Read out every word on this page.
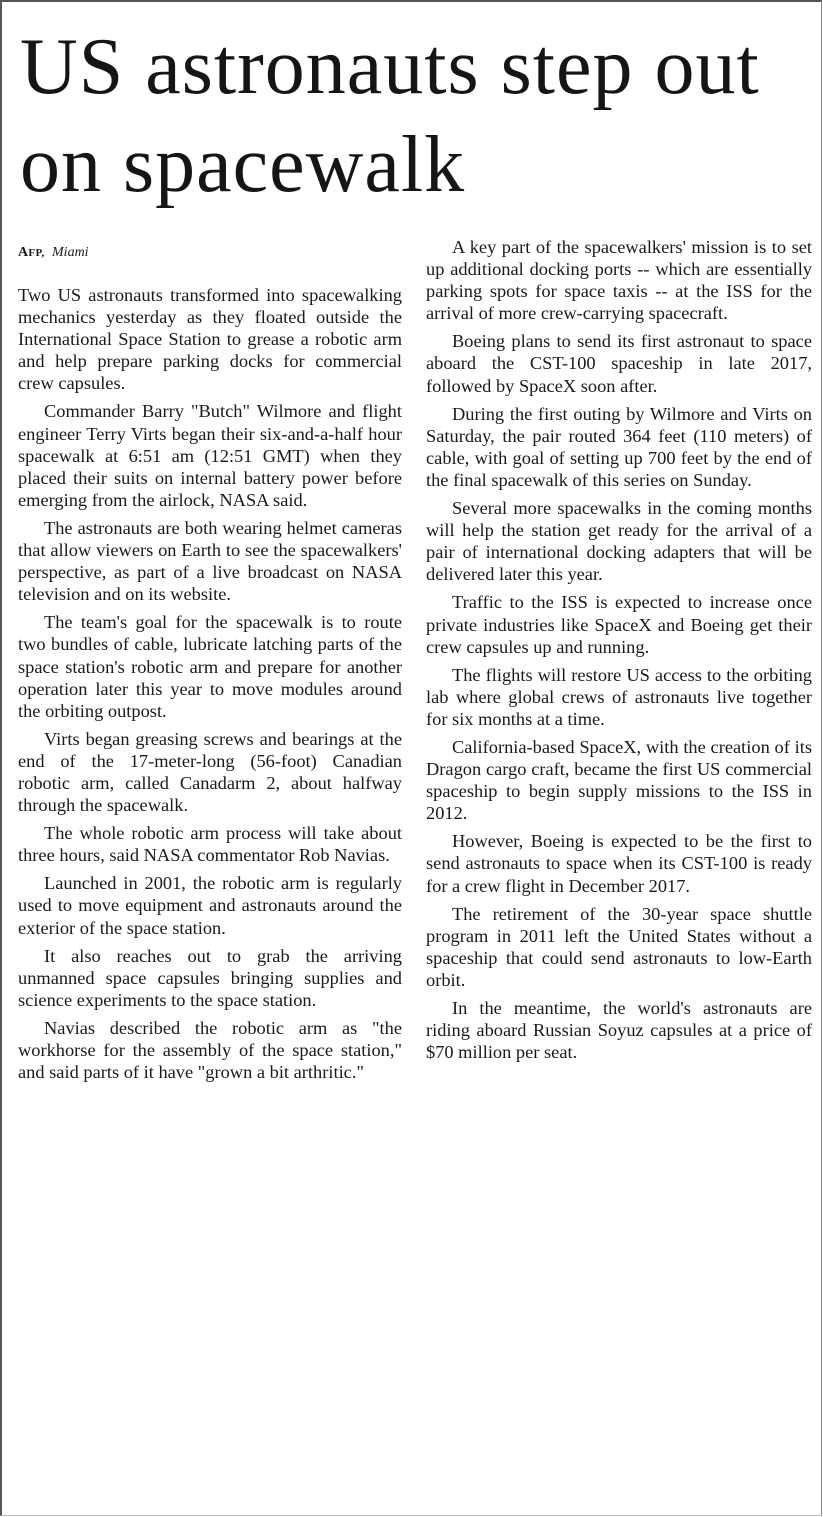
US astronauts step out on spacewalk
AFP, Miami

Two US astronauts transformed into spacewalking mechanics yesterday as they floated outside the International Space Station to grease a robotic arm and help prepare parking docks for commercial crew capsules.

Commander Barry "Butch" Wilmore and flight engineer Terry Virts began their six-and-a-half hour spacewalk at 6:51 am (12:51 GMT) when they placed their suits on internal battery power before emerging from the airlock, NASA said.

The astronauts are both wearing helmet cameras that allow viewers on Earth to see the spacewalkers' perspective, as part of a live broadcast on NASA television and on its website.

The team's goal for the spacewalk is to route two bundles of cable, lubricate latching parts of the space station's robotic arm and prepare for another operation later this year to move modules around the orbiting outpost.

Virts began greasing screws and bearings at the end of the 17-meter-long (56-foot) Canadian robotic arm, called Canadarm 2, about halfway through the spacewalk.

The whole robotic arm process will take about three hours, said NASA commentator Rob Navias.

Launched in 2001, the robotic arm is regularly used to move equipment and astronauts around the exterior of the space station.

It also reaches out to grab the arriving unmanned space capsules bringing supplies and science experiments to the space station.

Navias described the robotic arm as "the workhorse for the assembly of the space station," and said parts of it have "grown a bit arthritic."

A key part of the spacewalkers' mission is to set up additional docking ports -- which are essentially parking spots for space taxis -- at the ISS for the arrival of more crew-carrying spacecraft.

Boeing plans to send its first astronaut to space aboard the CST-100 spaceship in late 2017, followed by SpaceX soon after.

During the first outing by Wilmore and Virts on Saturday, the pair routed 364 feet (110 meters) of cable, with goal of setting up 700 feet by the end of the final spacewalk of this series on Sunday.

Several more spacewalks in the coming months will help the station get ready for the arrival of a pair of international docking adapters that will be delivered later this year.

Traffic to the ISS is expected to increase once private industries like SpaceX and Boeing get their crew capsules up and running.

The flights will restore US access to the orbiting lab where global crews of astronauts live together for six months at a time.

California-based SpaceX, with the creation of its Dragon cargo craft, became the first US commercial spaceship to begin supply missions to the ISS in 2012.

However, Boeing is expected to be the first to send astronauts to space when its CST-100 is ready for a crew flight in December 2017.

The retirement of the 30-year space shuttle program in 2011 left the United States without a spaceship that could send astronauts to low-Earth orbit.

In the meantime, the world's astronauts are riding aboard Russian Soyuz capsules at a price of $70 million per seat.
